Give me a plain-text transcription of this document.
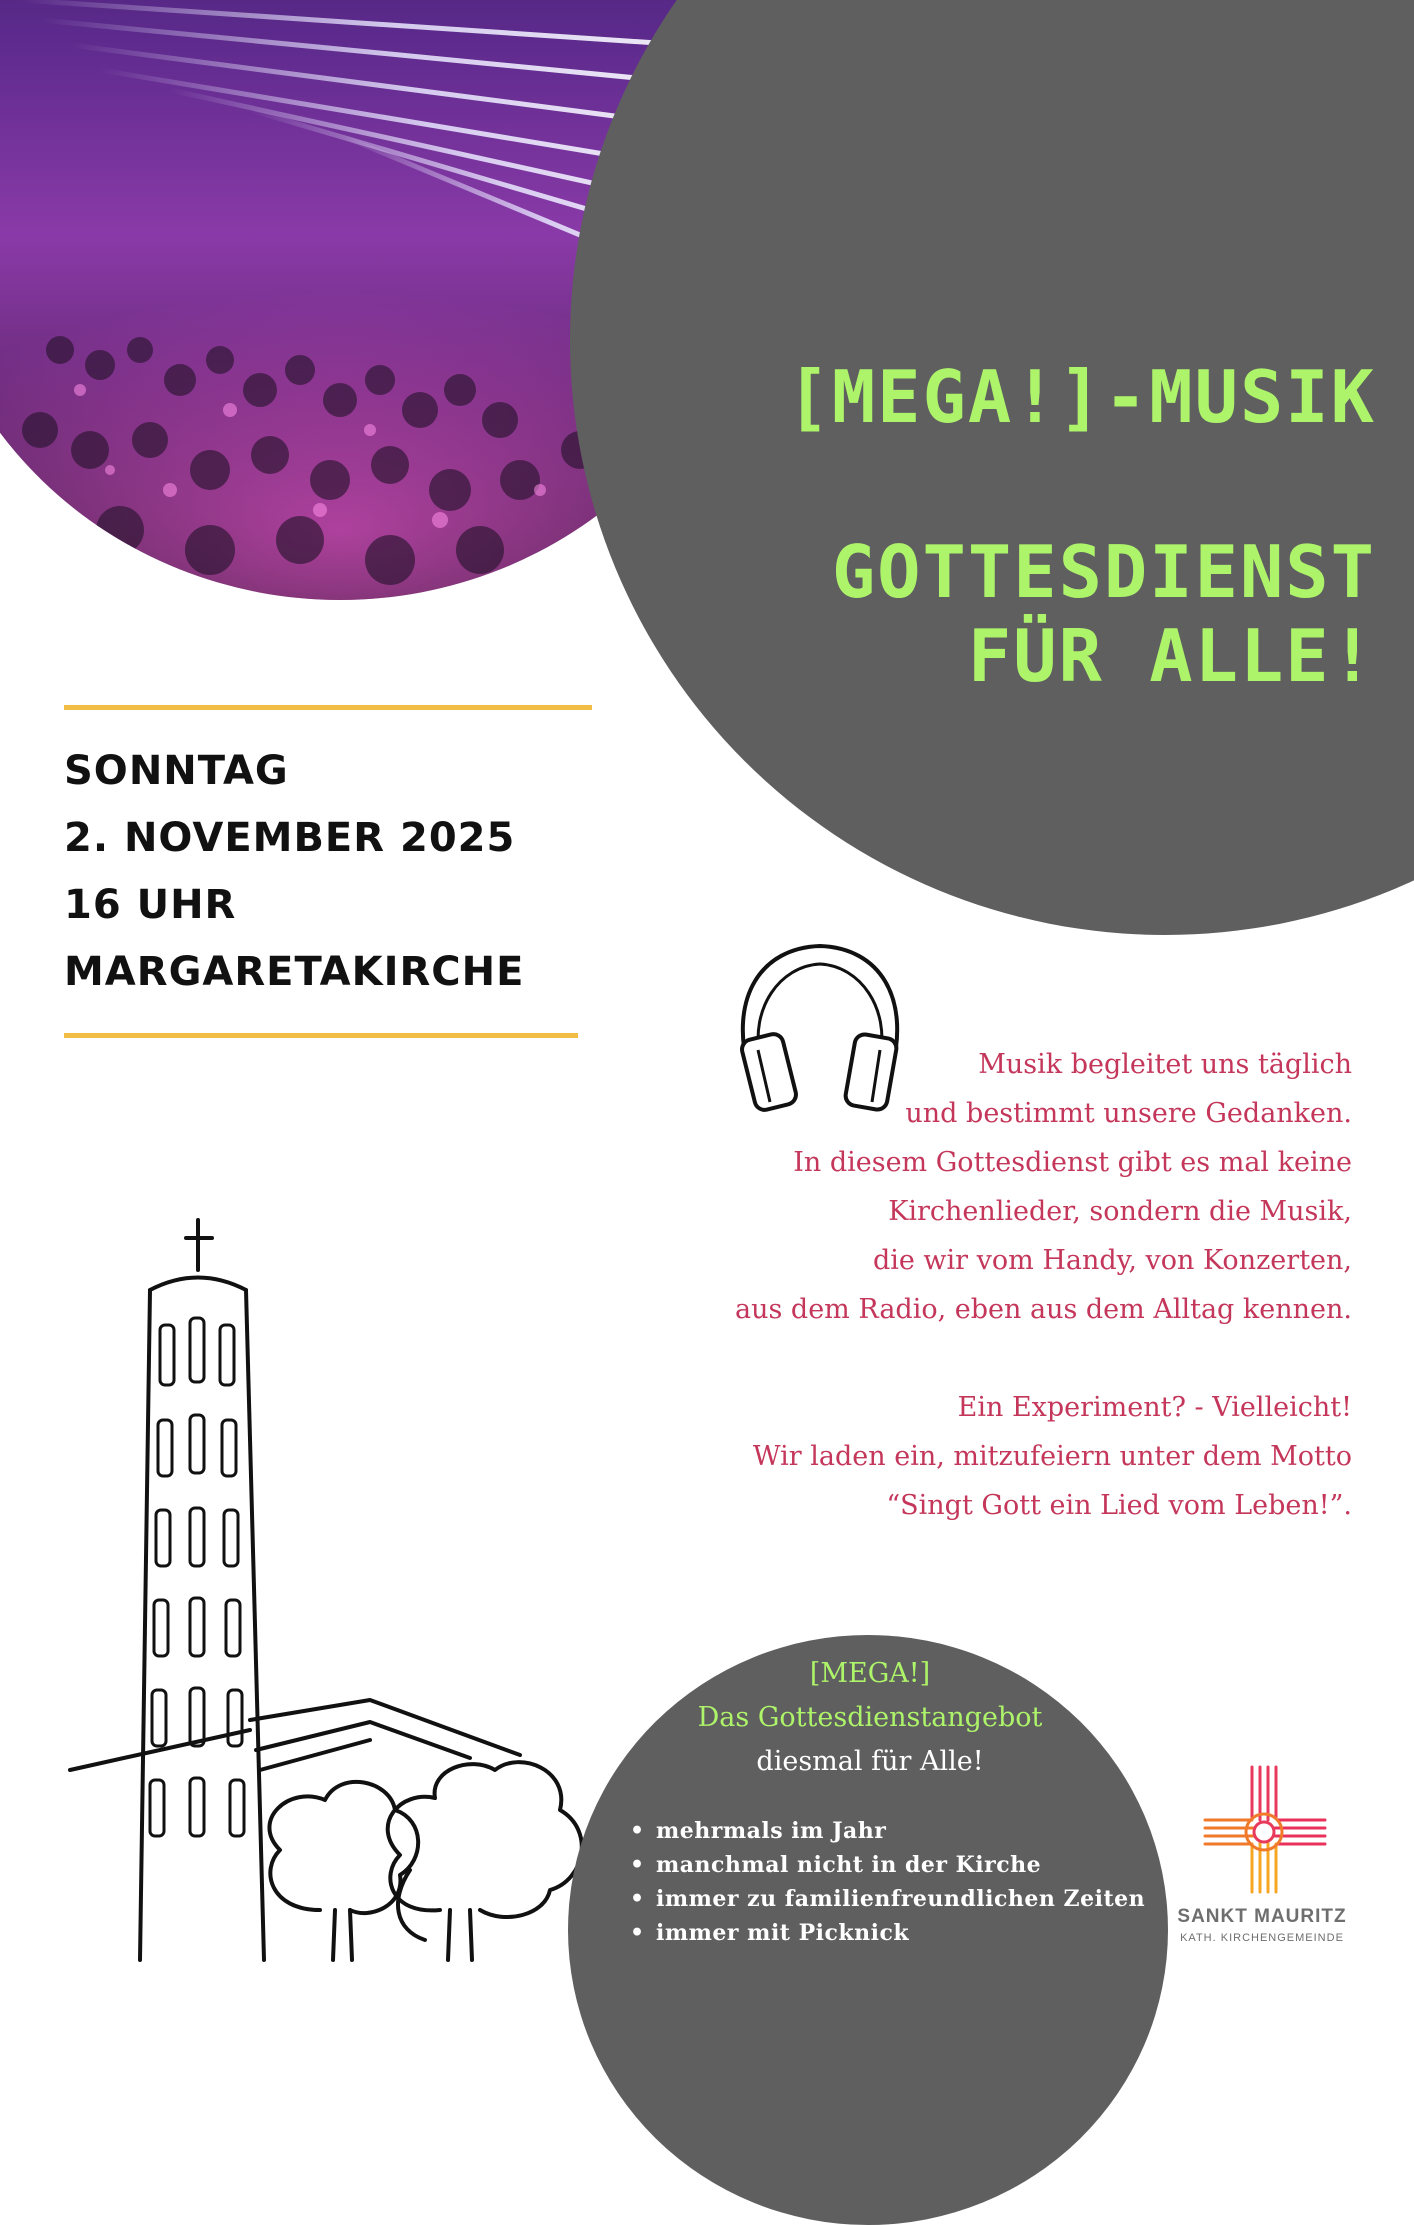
[MEGA!]-MUSIK
GOTTESDIENST
FÜR ALLE!

SONNTAG

2. NOVEMBER 2025

16 UHR

MARGARETAKIRCHE

Musik begleitet uns täglich

und bestimmt unsere Gedanken.

In diesem Gottesdienst gibt es mal keine

Kirchenlieder, sondern die Musik,

die wir vom Handy, von Konzerten,

aus dem Radio, eben aus dem Alltag kennen.

Ein Experiment? - Vielleicht!

Wir laden ein, mitzufeiern unter dem Motto

“Singt Gott ein Lied vom Leben!”.

[MEGA!]

Das Gottesdienstangebot

diesmal für Alle!

• mehrmals im Jahr
• manchmal nicht in der Kirche
• immer zu familienfreundlichen Zeiten
• immer mit Picknick

SANKT MAURITZ

KATH. KIRCHENGEMEINDE
